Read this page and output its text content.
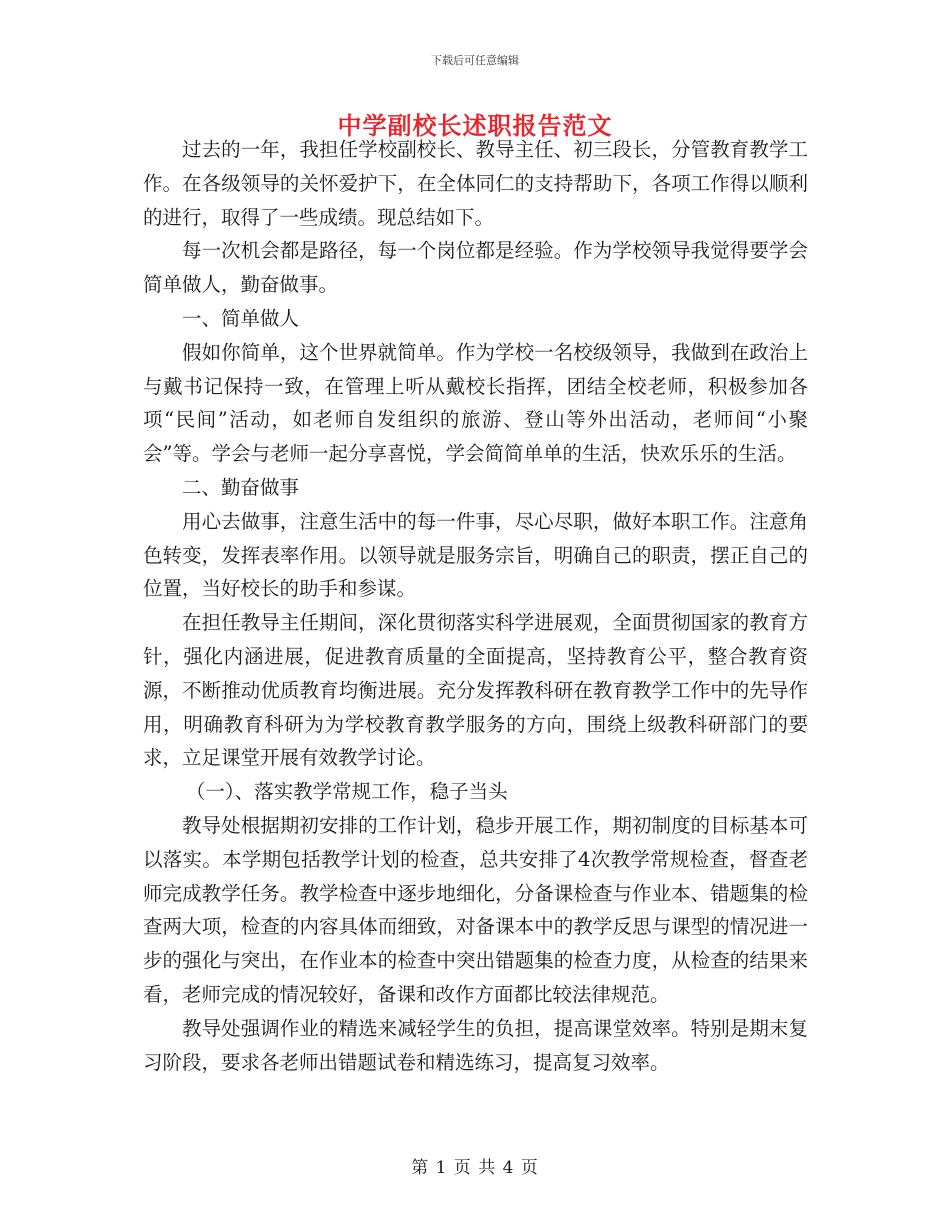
下载后可任意编辑
中学副校长述职报告范文

过去的一年，我担任学校副校长、教导主任、初三段长，分管教育教学工作。在各级领导的关怀爱护下，在全体同仁的支持帮助下，各项工作得以顺利的进行，取得了一些成绩。现总结如下。

每一次机会都是路径，每一个岗位都是经验。作为学校领导我觉得要学会简单做人，勤奋做事。

一、简单做人

假如你简单，这个世界就简单。作为学校一名校级领导，我做到在政治上与戴书记保持一致，在管理上听从戴校长指挥，团结全校老师，积极参加各项“民间”活动，如老师自发组织的旅游、登山等外出活动，老师间“小聚会”等。学会与老师一起分享喜悦，学会简简单单的生活，快欢乐乐的生活。

二、勤奋做事

用心去做事，注意生活中的每一件事，尽心尽职，做好本职工作。注意角色转变，发挥表率作用。以领导就是服务宗旨，明确自己的职责，摆正自己的位置，当好校长的助手和参谋。

在担任教导主任期间，深化贯彻落实科学进展观，全面贯彻国家的教育方针，强化内涵进展，促进教育质量的全面提高，坚持教育公平，整合教育资源，不断推动优质教育均衡进展。充分发挥教科研在教育教学工作中的先导作用，明确教育科研为为学校教育教学服务的方向，围绕上级教科研部门的要求，立足课堂开展有效教学讨论。

（一）、落实教学常规工作，稳子当头

教导处根据期初安排的工作计划，稳步开展工作，期初制度的目标基本可以落实。本学期包括教学计划的检查，总共安排了4次教学常规检查，督查老师完成教学任务。教学检查中逐步地细化，分备课检查与作业本、错题集的检查两大项，检查的内容具体而细致，对备课本中的教学反思与课型的情况进一步的强化与突出，在作业本的检查中突出错题集的检查力度，从检查的结果来看，老师完成的情况较好，备课和改作方面都比较法律规范。

教导处强调作业的精选来减轻学生的负担，提高课堂效率。特别是期末复习阶段，要求各老师出错题试卷和精选练习，提高复习效率。

第 1 页 共 4 页
